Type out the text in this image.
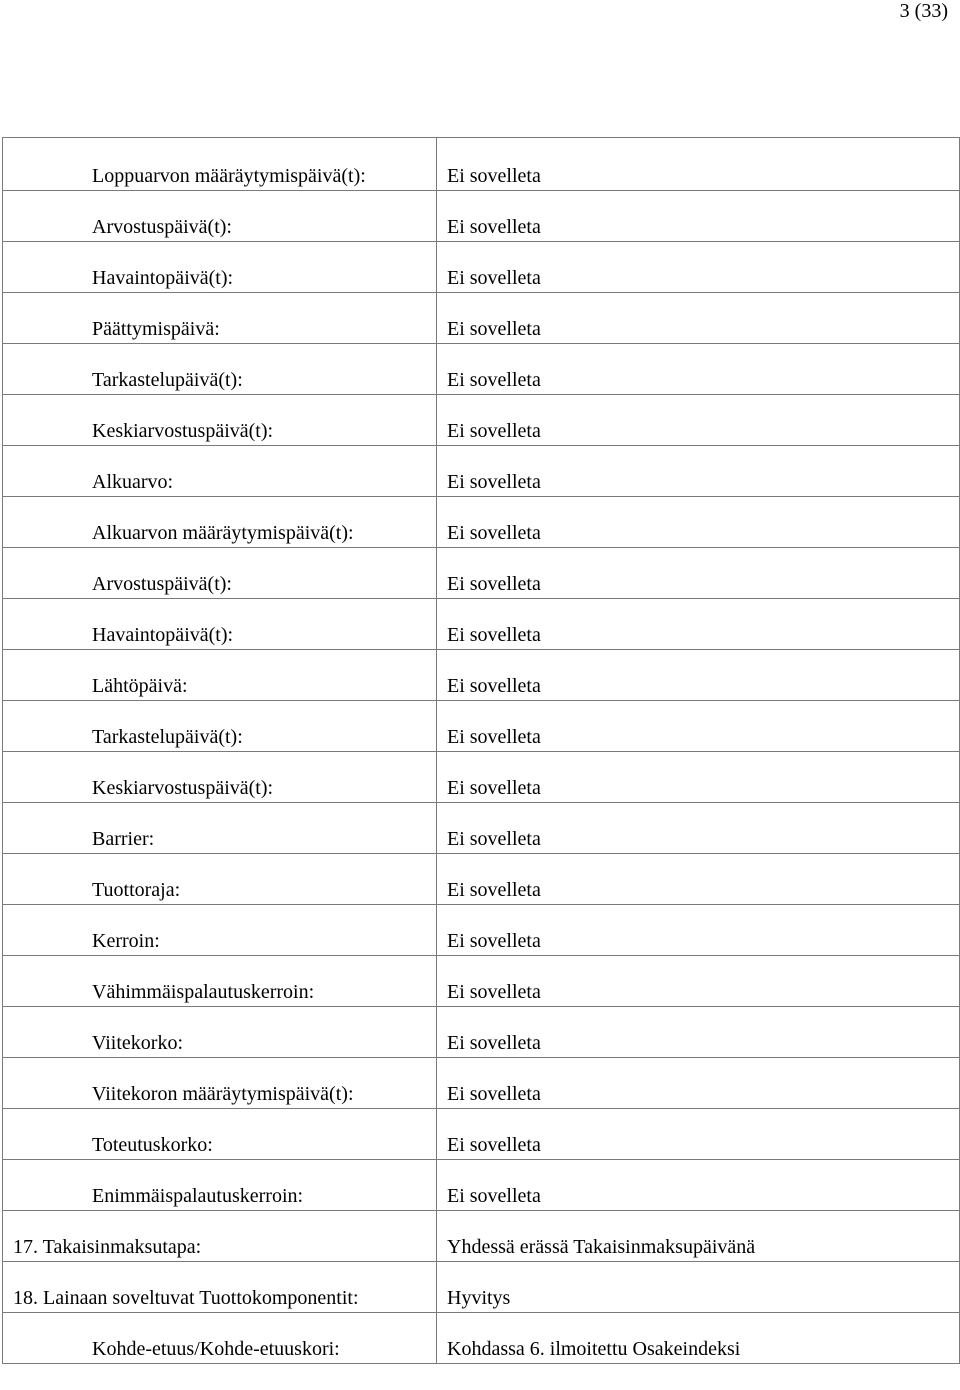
3 (33)
Loppuarvon määräytymispäivä(t):	Ei sovelleta
Arvostuspäivä(t):	Ei sovelleta
Havaintopäivä(t):	Ei sovelleta
Päättymispäivä:	Ei sovelleta
Tarkastelupäivä(t):	Ei sovelleta
Keskiarvostuspäivä(t):	Ei sovelleta
Alkuarvo:	Ei sovelleta
Alkuarvon määräytymispäivä(t):	Ei sovelleta
Arvostuspäivä(t):	Ei sovelleta
Havaintopäivä(t):	Ei sovelleta
Lähtöpäivä:	Ei sovelleta
Tarkastelupäivä(t):	Ei sovelleta
Keskiarvostuspäivä(t):	Ei sovelleta
Barrier:	Ei sovelleta
Tuottoraja:	Ei sovelleta
Kerroin:	Ei sovelleta
Vähimmäispalautuskerroin:	Ei sovelleta
Viitekorko:	Ei sovelleta
Viitekoron määräytymispäivä(t):	Ei sovelleta
Toteutuskorko:	Ei sovelleta
Enimmäispalautuskerroin:	Ei sovelleta
17. Takaisinmaksutapa:	Yhdessä erässä Takaisinmaksupäivänä
18. Lainaan soveltuvat Tuottokomponentit:	Hyvitys
Kohde-etuus/Kohde-etuuskori:	Kohdassa 6. ilmoitettu Osakeindeksi
